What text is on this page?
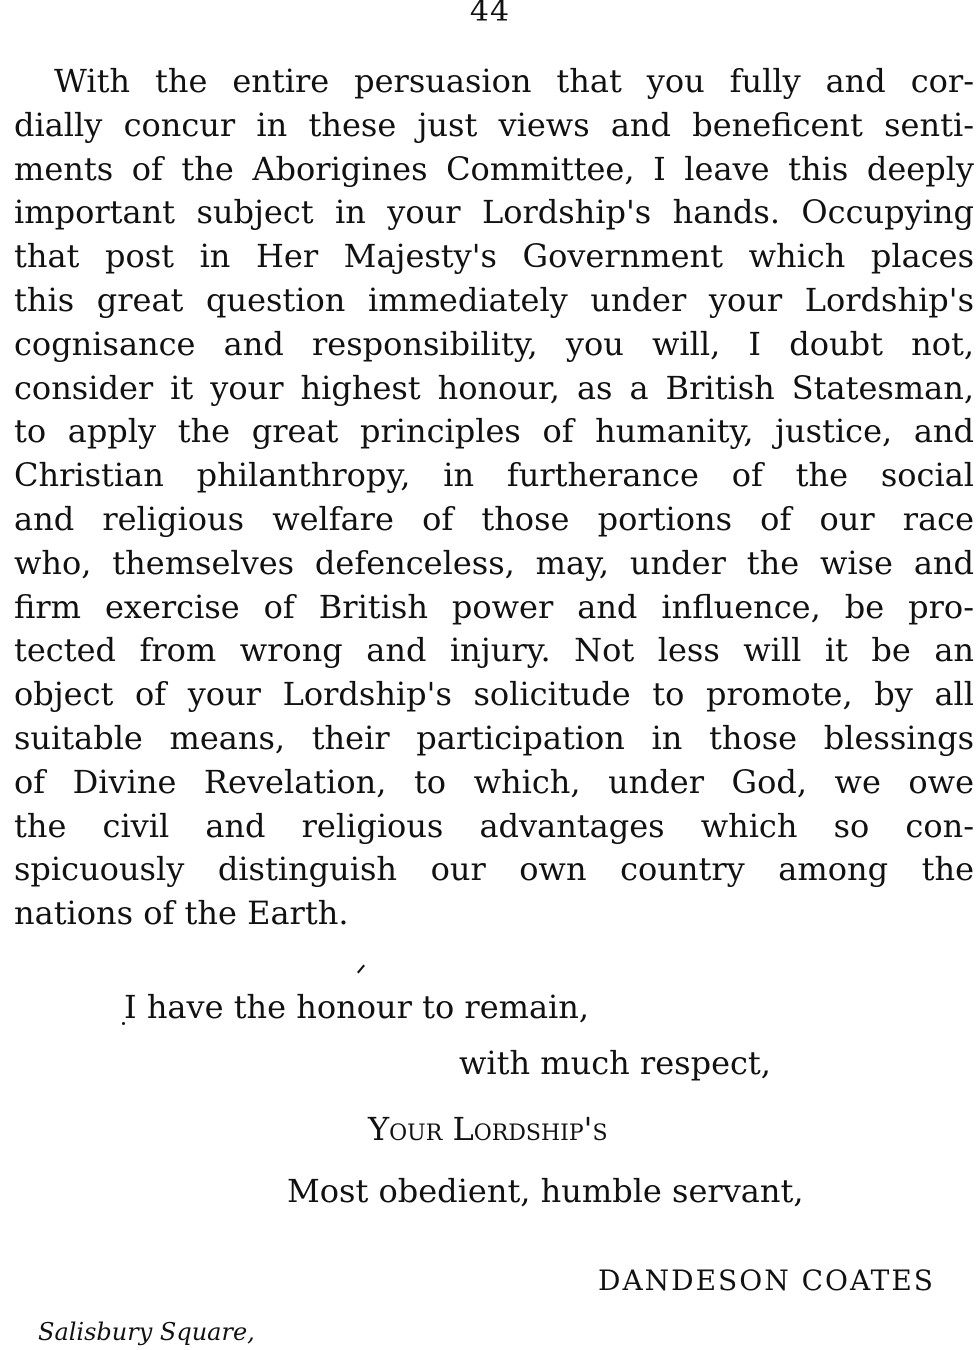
44
With the entire persuasion that you fully and cor-
dially concur in these just views and beneficent senti-
ments of the Aborigines Committee, I leave this deeply
important subject in your Lordship's hands. Occupying
that post in Her Majesty's Government which places
this great question immediately under your Lordship's
cognisance and responsibility, you will, I doubt not,
consider it your highest honour, as a British Statesman,
to apply the great principles of humanity, justice, and
Christian philanthropy, in furtherance of the social
and religious welfare of those portions of our race
who, themselves defenceless, may, under the wise and
firm exercise of British power and influence, be pro-
tected from wrong and injury. Not less will it be an
object of your Lordship's solicitude to promote, by all
suitable means, their participation in those blessings
of Divine Revelation, to which, under God, we owe
the civil and religious advantages which so con-
spicuously distinguish our own country among the
nations of the Earth.
I have the honour to remain,
with much respect,
Your Lordship's
Most obedient, humble servant,
DANDESON COATES
Salisbury Square,
